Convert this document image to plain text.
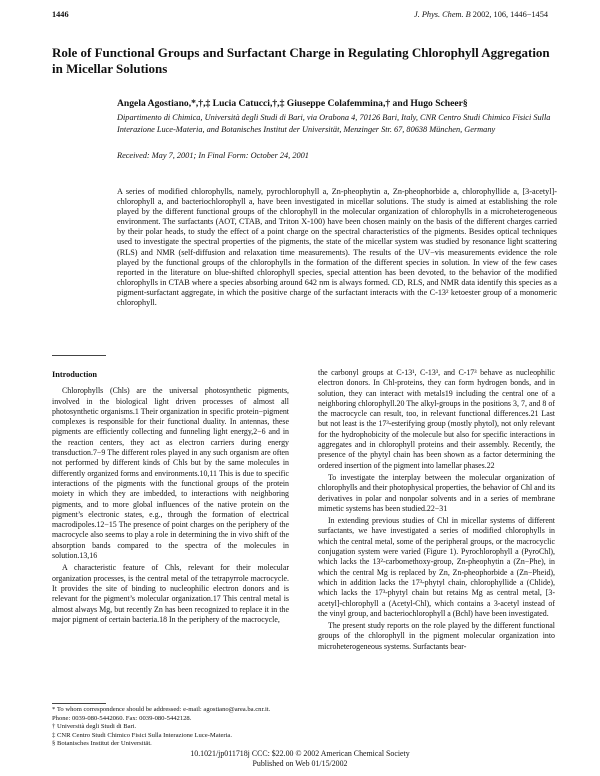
1446	J. Phys. Chem. B 2002, 106, 1446−1454
Role of Functional Groups and Surfactant Charge in Regulating Chlorophyll Aggregation in Micellar Solutions
Angela Agostiano,*,†,‡ Lucia Catucci,†,‡ Giuseppe Colafemmina,† and Hugo Scheer§
Dipartimento di Chimica, Università degli Studi di Bari, via Orabona 4, 70126 Bari, Italy, CNR Centro Studi Chimico Fisici Sulla Interazione Luce-Materia, and Botanisches Institut der Universität, Menzinger Str. 67, 80638 München, Germany
Received: May 7, 2001; In Final Form: October 24, 2001

A series of modified chlorophylls, namely, pyrochlorophyll a, Zn-pheophytin a, Zn-pheophorbide a, chlorophyllide a, [3-acetyl]-chlorophyll a, and bacteriochlorophyll a, have been investigated in micellar solutions. The study is aimed at establishing the role played by the different functional groups of the chlorophyll in the molecular organization of chlorophylls in a microheterogeneous environment. The surfactants (AOT, CTAB, and Triton X-100) have been chosen mainly on the basis of the different charges carried by their polar heads, to study the effect of a point charge on the spectral characteristics of the pigments. Besides optical techniques used to investigate the spectral properties of the pigments, the state of the micellar system was studied by resonance light scattering (RLS) and NMR (self-diffusion and relaxation time measurements). The results of the UV−vis measurements evidence the role played by the functional groups of the chlorophylls in the formation of the different species in solution. In view of the few cases reported in the literature on blue-shifted chlorophyll species, special attention has been devoted, to the behavior of the modified chlorophylls in CTAB where a species absorbing around 642 nm is always formed. CD, RLS, and NMR data identify this species as a pigment-surfactant aggregate, in which the positive charge of the surfactant interacts with the C-13² ketoester group of a monomeric chlorophyll.

Introduction

Chlorophylls (Chls) are the universal photosynthetic pigments, involved in the biological light driven processes of almost all photosynthetic organisms.1 Their organization in specific protein−pigment complexes is responsible for their functional duality. In antennas, these pigments are efficiently collecting and funneling light energy,2−6 and in the reaction centers, they act as electron carriers during energy transduction.7−9 The different roles played in any such organism are often not performed by different kinds of Chls but by the same molecules in differently organized forms and environments.10,11 This is due to specific interactions of the pigments with the functional groups of the protein moiety in which they are imbedded, to interactions with neighboring pigments, and to more global influences of the native protein on the pigment’s electronic states, e.g., through the formation of electrical macrodipoles.12−15 The presence of point charges on the periphery of the macrocycle also seems to play a role in determining the in vivo shift of the absorption bands compared to the spectra of the molecules in solution.13,16

A characteristic feature of Chls, relevant for their molecular organization processes, is the central metal of the tetrapyrrole macrocycle. It provides the site of binding to nucleophilic electron donors and is relevant for the pigment’s molecular organization.17 This central metal is almost always Mg, but recently Zn has been recognized to replace it in the major pigment of certain bacteria.18 In the periphery of the macrocycle,

the carbonyl groups at C-13¹, C-13³, and C-17³ behave as nucleophilic electron donors. In Chl-proteins, they can form hydrogen bonds, and in solution, they can interact with metals19 including the central one of a neighboring chlorophyll.20 The alkyl-groups in the positions 3, 7, and 8 of the macrocycle can result, too, in relevant functional differences.21 Last but not least is the 17³-esterifying group (mostly phytol), not only relevant for the hydrophobicity of the molecule but also for specific interactions in aggregates and in chlorophyll proteins and their assembly. Recently, the presence of the phytyl chain has been shown as a factor determining the ordered insertion of the pigment into lamellar phases.22

To investigate the interplay between the molecular organization of chlorophylls and their photophysical properties, the behavior of Chl and its derivatives in polar and nonpolar solvents and in a series of membrane mimetic systems has been studied.22−31

In extending previous studies of Chl in micellar systems of different surfactants, we have investigated a series of modified chlorophylls in which the central metal, some of the peripheral groups, or the macrocyclic conjugation system were varied (Figure 1). Pyrochlorophyll a (PyroChl), which lacks the 13²-carbomethoxy-group, Zn-pheophytin a (Zn−Phe), in which the central Mg is replaced by Zn, Zn-pheophorbide a (Zn−Pheid), which in addition lacks the 17³-phytyl chain, chlorophyllide a (Chlide), which lacks the 17³-phytyl chain but retains Mg as central metal, [3-acetyl]-chlorophyll a (Acetyl-Chl), which contains a 3-acetyl instead of the vinyl group, and bacteriochlorophyll a (Bchl) have been investigated.

The present study reports on the role played by the different functional groups of the chlorophyll in the pigment molecular organization into microheterogeneous systems. Surfactants bear-

* To whom correspondence should be addressed: e-mail: agostiano@area.ba.cnr.it. Phone: 0039-080-5442060. Fax: 0039-080-5442128.
† Università degli Studi di Bari.
‡ CNR Centro Studi Chimico Fisici Sulla Interazione Luce-Materia.
§ Botanisches Institut der Universität.
10.1021/jp011718j CCC: $22.00 © 2002 American Chemical Society
Published on Web 01/15/2002
